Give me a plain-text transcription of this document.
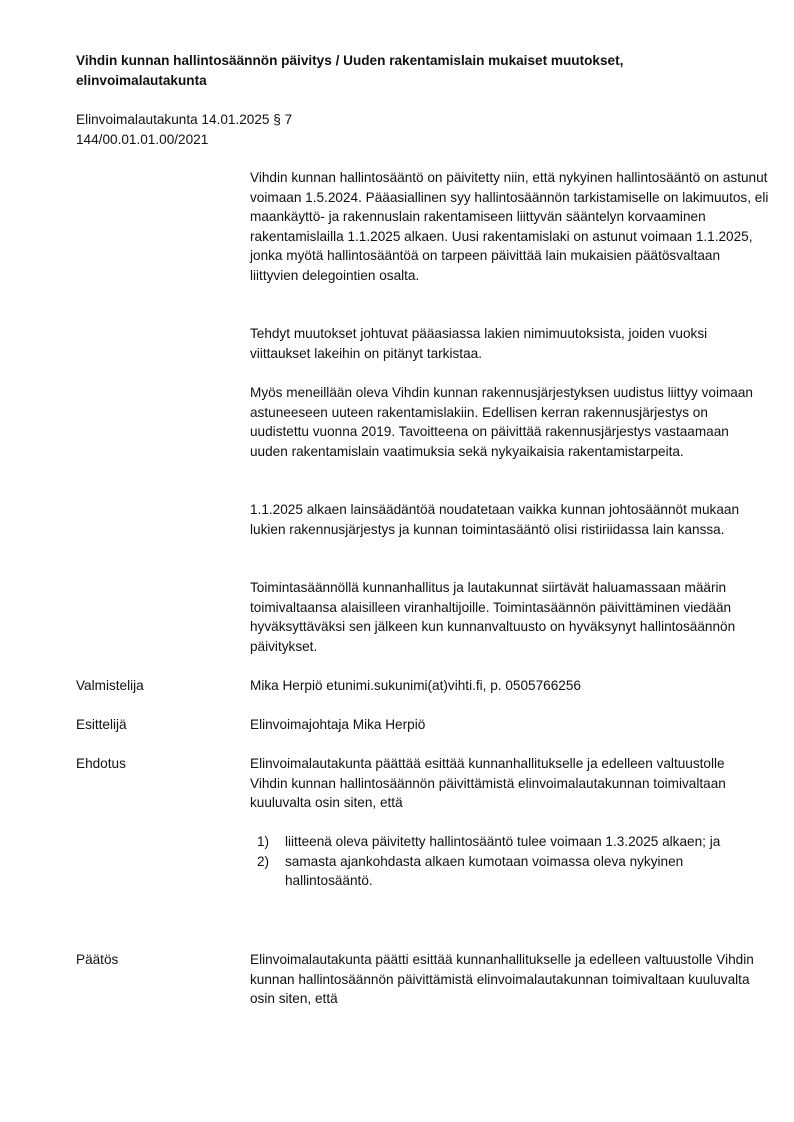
Vihdin kunnan hallintosäännön päivitys / Uuden rakentamislain mukaiset muutokset, elinvoimalautakunta
Elinvoimalautakunta 14.01.2025 § 7
144/00.01.01.00/2021

Vihdin kunnan hallintosääntö on päivitetty niin, että nykyinen hallintosääntö on astunut voimaan 1.5.2024. Pääasiallinen syy hallintosäännön tarkistamiselle on lakimuutos, eli maankäyttö- ja rakennuslain rakentamiseen liittyvän sääntelyn korvaaminen rakentamislailla 1.1.2025 alkaen. Uusi rakentamislaki on astunut voimaan 1.1.2025, jonka myötä hallintosääntöä on tarpeen päivittää lain mukaisien päätösvaltaan liittyvien delegointien osalta.

Tehdyt muutokset johtuvat pääasiassa lakien nimimuutoksista, joiden vuoksi viittaukset lakeihin on pitänyt tarkistaa.

Myös meneillään oleva Vihdin kunnan rakennusjärjestyksen uudistus liittyy voimaan astuneeseen uuteen rakentamislakiin. Edellisen kerran rakennusjärjestys on uudistettu vuonna 2019. Tavoitteena on päivittää rakennusjärjestys vastaamaan uuden rakentamislain vaatimuksia sekä nykyaikaisia rakentamistarpeita.

1.1.2025 alkaen lainsäädäntöä noudatetaan vaikka kunnan johtosäännöt mukaan lukien rakennusjärjestys ja kunnan toimintasääntö olisi ristiriidassa lain kanssa.

Toimintasäännöllä kunnanhallitus ja lautakunnat siirtävät haluamassaan määrin toimivaltaansa alaisilleen viranhaltijoille. Toimintasäännön päivittäminen viedään hyväksyttäväksi sen jälkeen kun kunnanvaltuusto on hyväksynyt hallintosäännön päivitykset.

Valmistelija	Mika Herpiö etunimi.sukunimi(at)vihti.fi, p. 0505766256
Esittelijä	Elinvoimajohtaja Mika Herpiö
Ehdotus	Elinvoimalautakunta päättää esittää kunnanhallitukselle ja edelleen valtuustolle Vihdin kunnan hallintosäännön päivittämistä elinvoimalautakunnan toimivaltaan kuuluvalta osin siten, että
1) liitteenä oleva päivitetty hallintosääntö tulee voimaan 1.3.2025 alkaen; ja
2) samasta ajankohdasta alkaen kumotaan voimassa oleva nykyinen hallintosääntö.
Päätös	Elinvoimalautakunta päätti esittää kunnanhallitukselle ja edelleen valtuustolle Vihdin kunnan hallintosäännön päivittämistä elinvoimalautakunnan toimivaltaan kuuluvalta osin siten, että
